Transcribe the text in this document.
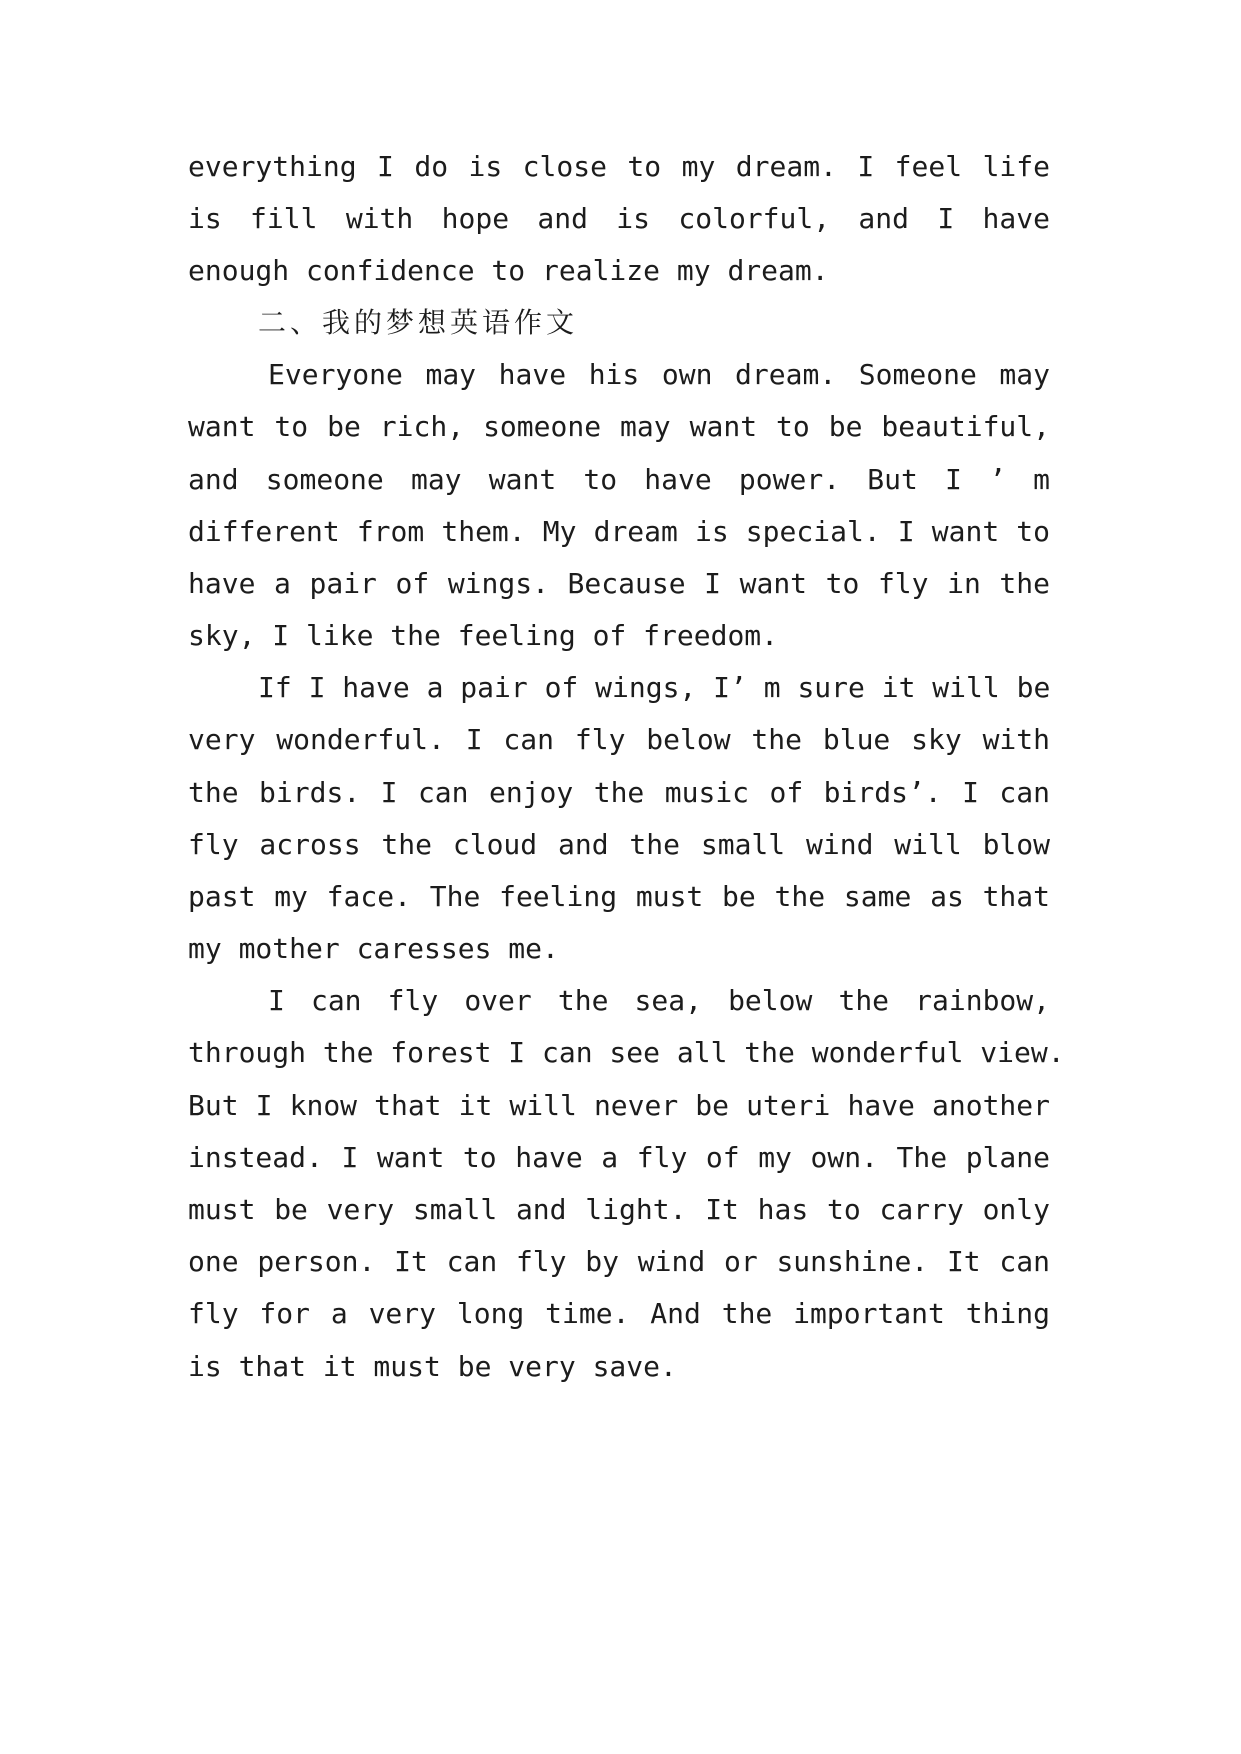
everything I do is close to my dream. I feel life
is fill with hope and is colorful, and I have
enough confidence to realize my dream.
二、我的梦想英语作文
Everyone may have his own dream. Someone may
want to be rich, someone may want to be beautiful,
and someone may want to have power. But I ’ m
different from them. My dream is special. I want to
have a pair of wings. Because I want to fly in the
sky, I like the feeling of freedom.
If I have a pair of wings, I’ m sure it will be
very wonderful. I can fly below the blue sky with
the birds. I can enjoy the music of birds’. I can
fly across the cloud and the small wind will blow
past my face. The feeling must be the same as that
my mother caresses me.
I can fly over the sea, below the rainbow,
through the forest I can see all the wonderful view.
But I know that it will never be uteri have another
instead. I want to have a fly of my own. The plane
must be very small and light. It has to carry only
one person. It can fly by wind or sunshine. It can
fly for a very long time. And the important thing
is that it must be very save.
